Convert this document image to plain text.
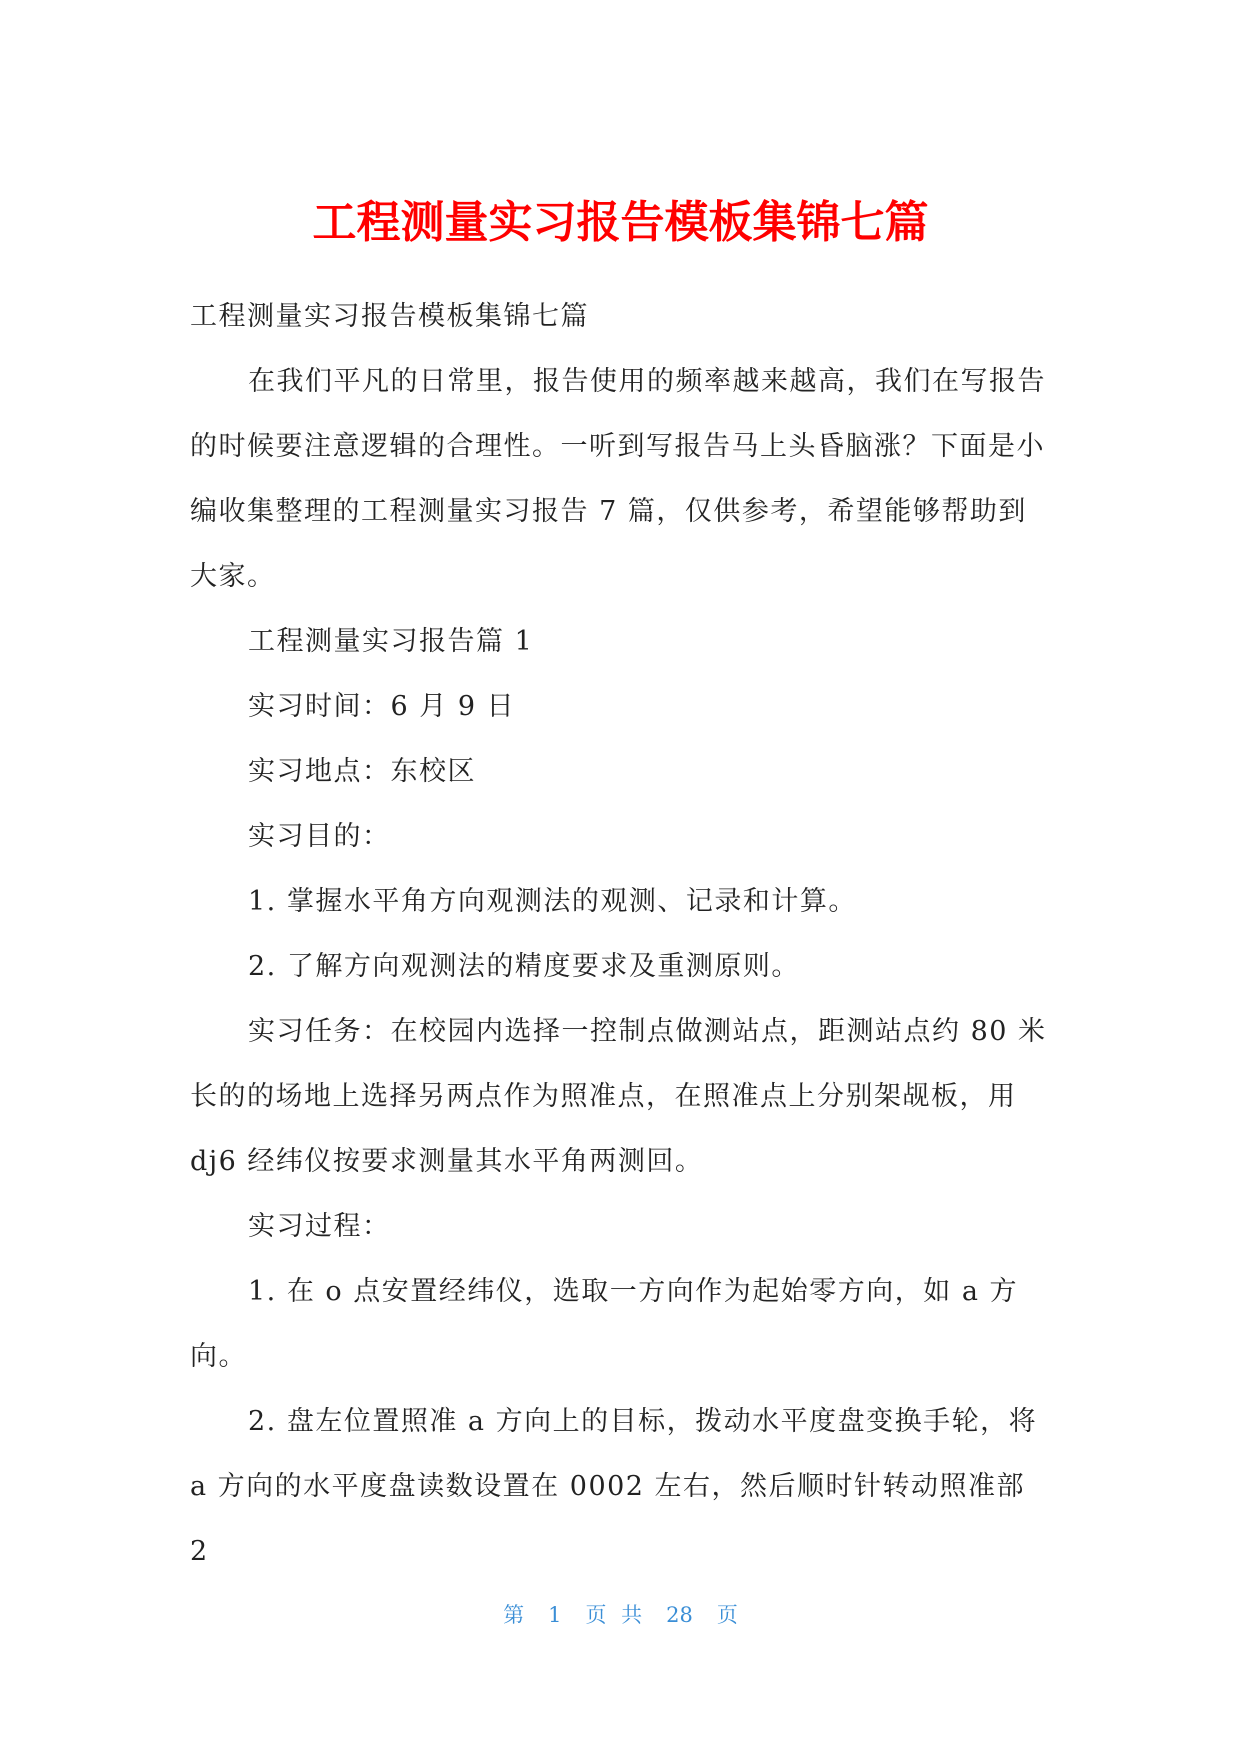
工程测量实习报告模板集锦七篇

工程测量实习报告模板集锦七篇

在我们平凡的日常里，报告使用的频率越来越高，我们在写报告的时候要注意逻辑的合理性。一听到写报告马上头昏脑涨？下面是小编收集整理的工程测量实习报告 7 篇，仅供参考，希望能够帮助到大家。

工程测量实习报告篇 1

实习时间：6 月 9 日

实习地点：东校区

实习目的：

1. 掌握水平角方向观测法的观测、记录和计算。

2. 了解方向观测法的精度要求及重测原则。

实习任务：在校园内选择一控制点做测站点，距测站点约 80 米长的的场地上选择另两点作为照准点，在照准点上分别架觇板，用 dj6 经纬仪按要求测量其水平角两测回。

实习过程：

1. 在 o 点安置经纬仪，选取一方向作为起始零方向，如 a 方向。

2. 盘左位置照准 a 方向上的目标，拨动水平度盘变换手轮，将 a 方向的水平度盘读数设置在 0002 左右，然后顺时针转动照准部 2

第 1 页 共 28 页
